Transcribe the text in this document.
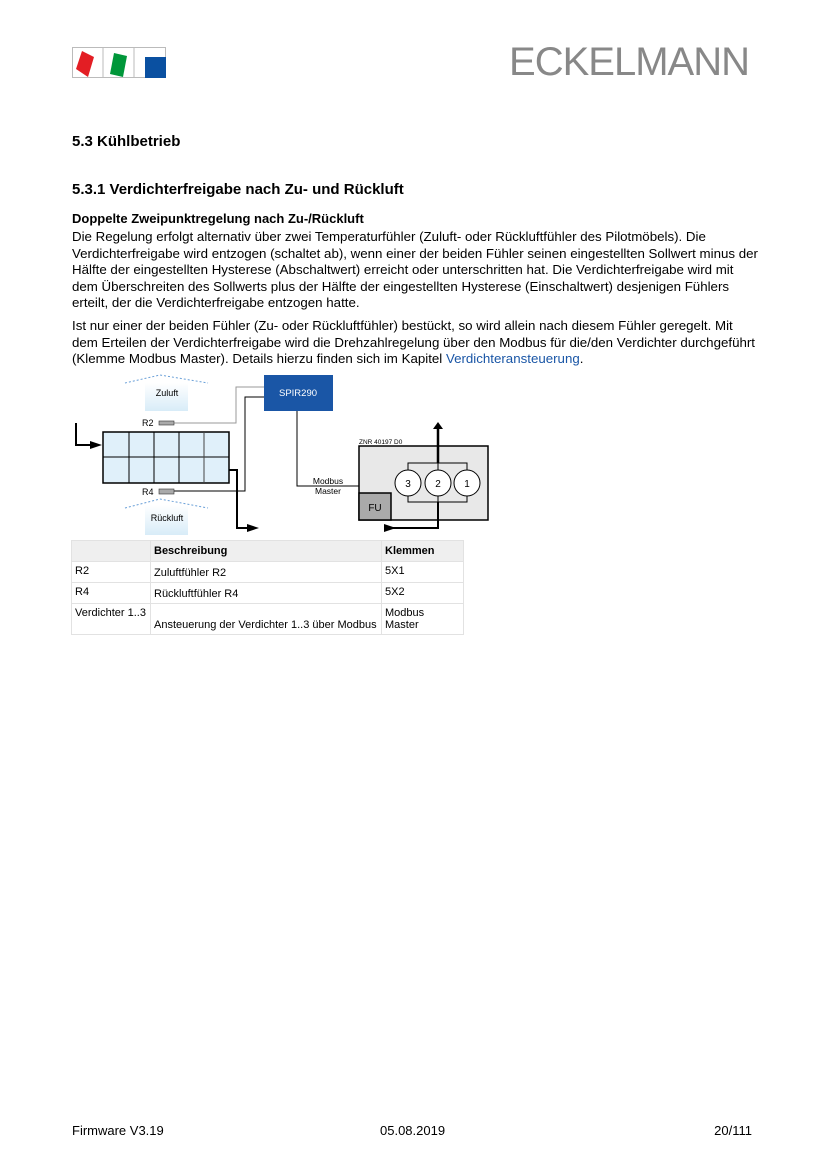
ECKELMANN
5.3 Kühlbetrieb
5.3.1 Verdichterfreigabe nach Zu- und Rückluft
Doppelte Zweipunktregelung nach Zu-/Rückluft

Die Regelung erfolgt alternativ über zwei Temperaturfühler (Zuluft- oder Rückluftfühler des Pilotmöbels). Die Verdichterfreigabe wird entzogen (schaltet ab), wenn einer der beiden Fühler seinen eingestellten Sollwert minus der Hälfte der eingestellten Hysterese (Abschaltwert) erreicht oder unterschritten hat. Die Verdichterfreigabe wird mit dem Überschreiten des Sollwerts plus der Hälfte der eingestellten Hysterese (Einschaltwert) desjenigen Fühlers erteilt, der die Verdichterfreigabe entzogen hatte.

Ist nur einer der beiden Fühler (Zu- oder Rückluftfühler) bestückt, so wird allein nach diesem Fühler geregelt. Mit dem Erteilen der Verdichterfreigabe wird die Drehzahlregelung über den Modbus für die/den Verdichter durchgeführt (Klemme Modbus Master). Details hierzu finden sich im Kapitel Verdichteransteuerung.

Zuluft
Rückluft
SPIR290
R2
R4
Modbus
Master
ZNR 40197 D0
FU
3 2 1
	Beschreibung	Klemmen
R2	Zuluftfühler R2	5X1
R4	Rückluftfühler R4	5X2
Verdichter 1..3	Ansteuerung der Verdichter 1..3 über Modbus	Modbus Master
Firmware V3.19	05.08.2019	20/111
